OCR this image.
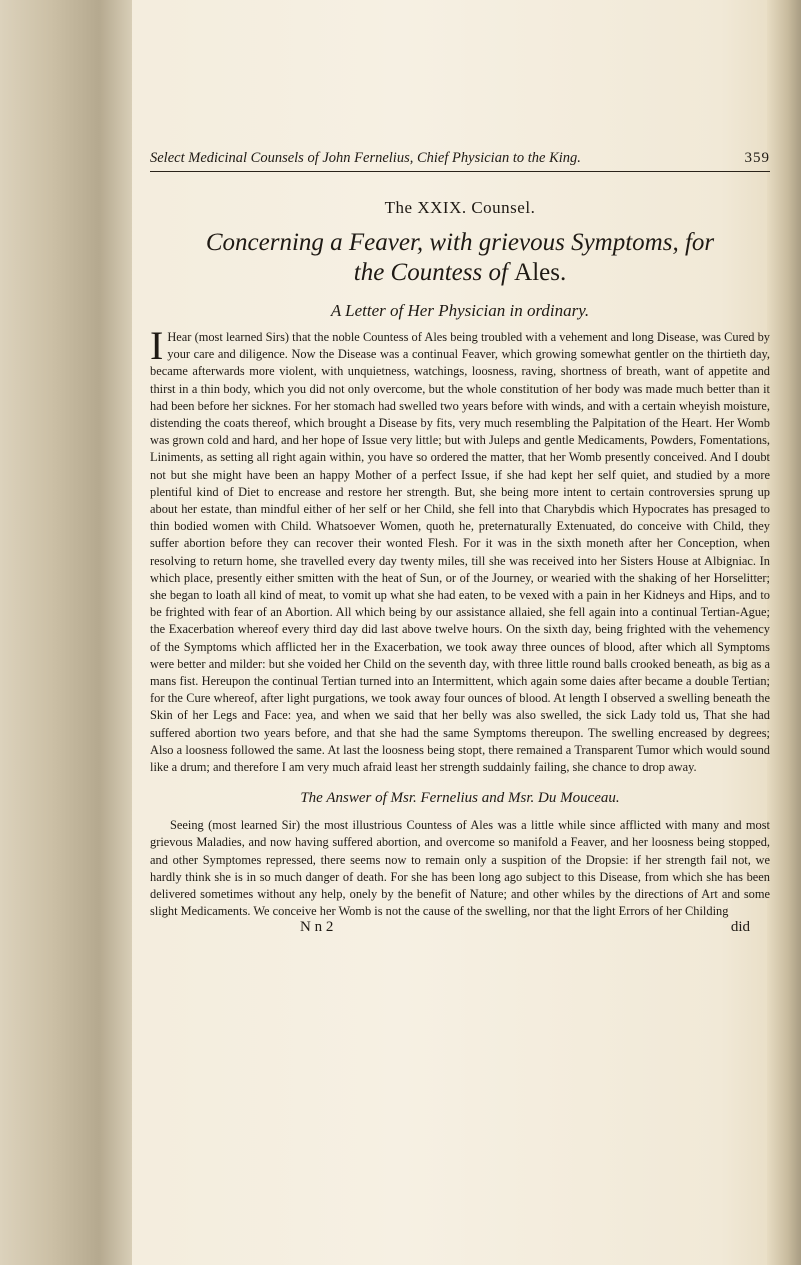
Select Medicinal Counsels of John Fernelius, Chief Physician to the King.	359
The XXIX. Counsel.
Concerning a Feaver, with grievous Symptoms, for
the Countess of Ales.
A Letter of Her Physician in ordinary.

I Hear (most learned Sirs) that the noble Countess of Ales being troubled with a vehement and long Disease, was Cured by your care and diligence. Now the Disease was a continual Feaver, which growing somewhat gentler on the thirtieth day, became afterwards more violent, with unquietness, watchings, loosness, raving, shortness of breath, want of appetite and thirst in a thin body, which you did not only overcome, but the whole constitution of her body was made much better than it had been before her sicknes. For her stomach had swelled two years before with winds, and with a certain wheyish moisture, distending the coats thereof, which brought a Disease by fits, very much resembling the Palpitation of the Heart. Her Womb was grown cold and hard, and her hope of Issue very little; but with Juleps and gentle Medicaments, Powders, Fomentations, Liniments, as setting all right again within, you have so ordered the matter, that her Womb presently conceived. And I doubt not but she might have been an happy Mother of a perfect Issue, if she had kept her self quiet, and studied by a more plentiful kind of Diet to encrease and restore her strength. But, she being more intent to certain controversies sprung up about her estate, than mindful either of her self or her Child, she fell into that Charybdis which Hypocrates has presaged to thin bodied women with Child. Whatsoever Women, quoth he, preternaturally Extenuated, do conceive with Child, they suffer abortion before they can recover their wonted Flesh. For it was in the sixth moneth after her Conception, when resolving to return home, she travelled every day twenty miles, till she was received into her Sisters House at Albigniac. In which place, presently either smitten with the heat of Sun, or of the Journey, or wearied with the shaking of her Horselitter; she began to loath all kind of meat, to vomit up what she had eaten, to be vexed with a pain in her Kidneys and Hips, and to be frighted with fear of an Abortion. All which being by our assistance allaied, she fell again into a continual Tertian-Ague; the Exacerbation whereof every third day did last above twelve hours. On the sixth day, being frighted with the vehemency of the Symptoms which afflicted her in the Exacerbation, we took away three ounces of blood, after which all Symptoms were better and milder: but she voided her Child on the seventh day, with three little round balls crooked beneath, as big as a mans fist. Hereupon the continual Tertian turned into an Intermittent, which again some daies after became a double Tertian; for the Cure whereof, after light purgations, we took away four ounces of blood. At length I observed a swelling beneath the Skin of her Legs and Face: yea, and when we said that her belly was also swelled, the sick Lady told us, That she had suffered abortion two years before, and that she had the same Symptoms thereupon. The swelling encreased by degrees; Also a loosness followed the same. At last the loosness being stopt, there remained a Transparent Tumor which would sound like a drum; and therefore I am very much afraid least her strength suddainly failing, she chance to drop away.

The Answer of Msr. Fernelius and Msr. Du Mouceau.

Seeing (most learned Sir) the most illustrious Countess of Ales was a little while since afflicted with many and most grievous Maladies, and now having suffered abortion, and overcome so manifold a Feaver, and her loosness being stopped, and other Symptomes repressed, there seems now to remain only a suspition of the Dropsie: if her strength fail not, we hardly think she is in so much danger of death. For she has been long ago subject to this Disease, from which she has been delivered sometimes without any help, onely by the benefit of Nature; and other whiles by the directions of Art and some slight Medicaments. We conceive her Womb is not the cause of the swelling, nor that the light Errors of her Childing

N n 2	did
